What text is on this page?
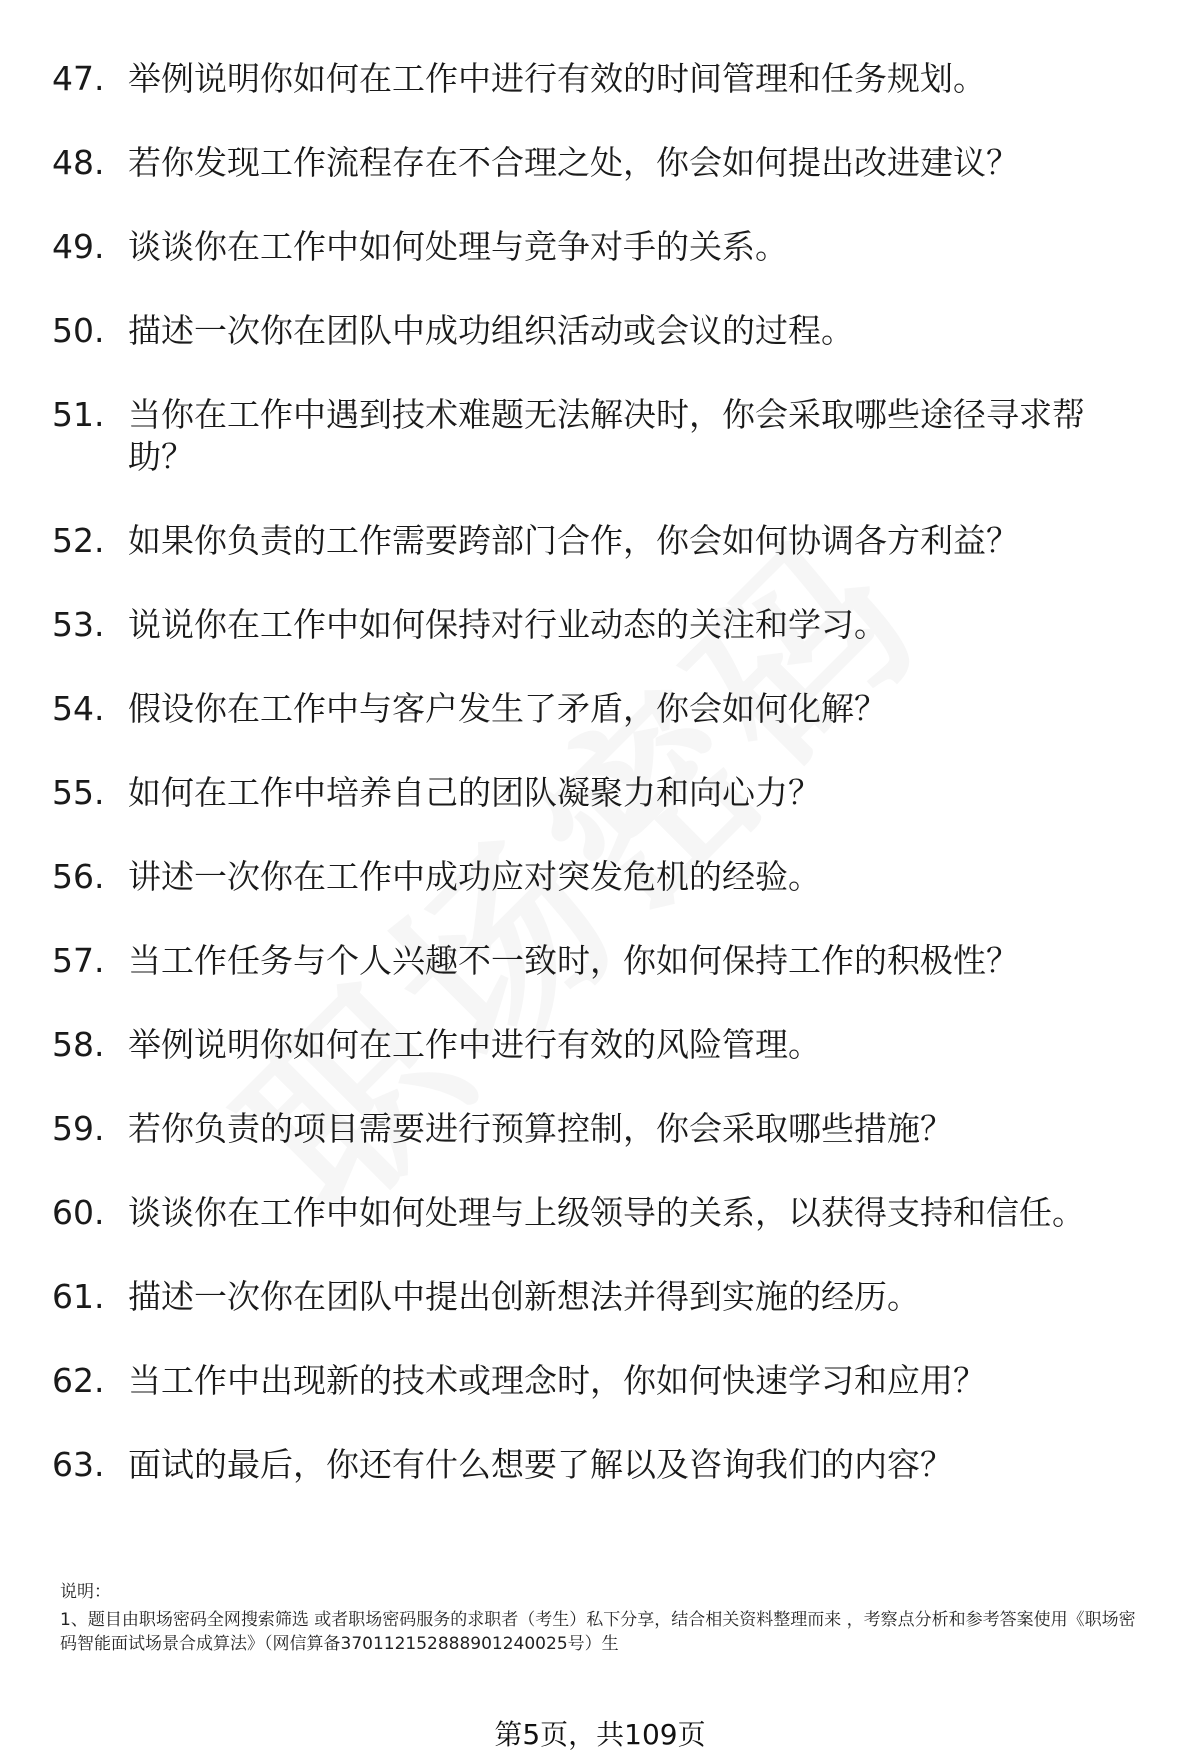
47. 举例说明你如何在工作中进行有效的时间管理和任务规划。
48. 若你发现工作流程存在不合理之处，你会如何提出改进建议？
49. 谈谈你在工作中如何处理与竞争对手的关系。
50. 描述一次你在团队中成功组织活动或会议的过程。
51. 当你在工作中遇到技术难题无法解决时，你会采取哪些途径寻求帮助？
52. 如果你负责的工作需要跨部门合作，你会如何协调各方利益？
53. 说说你在工作中如何保持对行业动态的关注和学习。
54. 假设你在工作中与客户发生了矛盾，你会如何化解？
55. 如何在工作中培养自己的团队凝聚力和向心力？
56. 讲述一次你在工作中成功应对突发危机的经验。
57. 当工作任务与个人兴趣不一致时，你如何保持工作的积极性？
58. 举例说明你如何在工作中进行有效的风险管理。
59. 若你负责的项目需要进行预算控制，你会采取哪些措施？
60. 谈谈你在工作中如何处理与上级领导的关系，以获得支持和信任。
61. 描述一次你在团队中提出创新想法并得到实施的经历。
62. 当工作中出现新的技术或理念时，你如何快速学习和应用？
63. 面试的最后，你还有什么想要了解以及咨询我们的内容？
说明：
1、题目由职场密码全网搜索筛选 或者职场密码服务的求职者（考生）私下分享，结合相关资料整理而来 ，考察点分析和参考答案使用《职场密码智能面试场景合成算法》（网信算备370112152888901240025号）生
第5页，共109页
